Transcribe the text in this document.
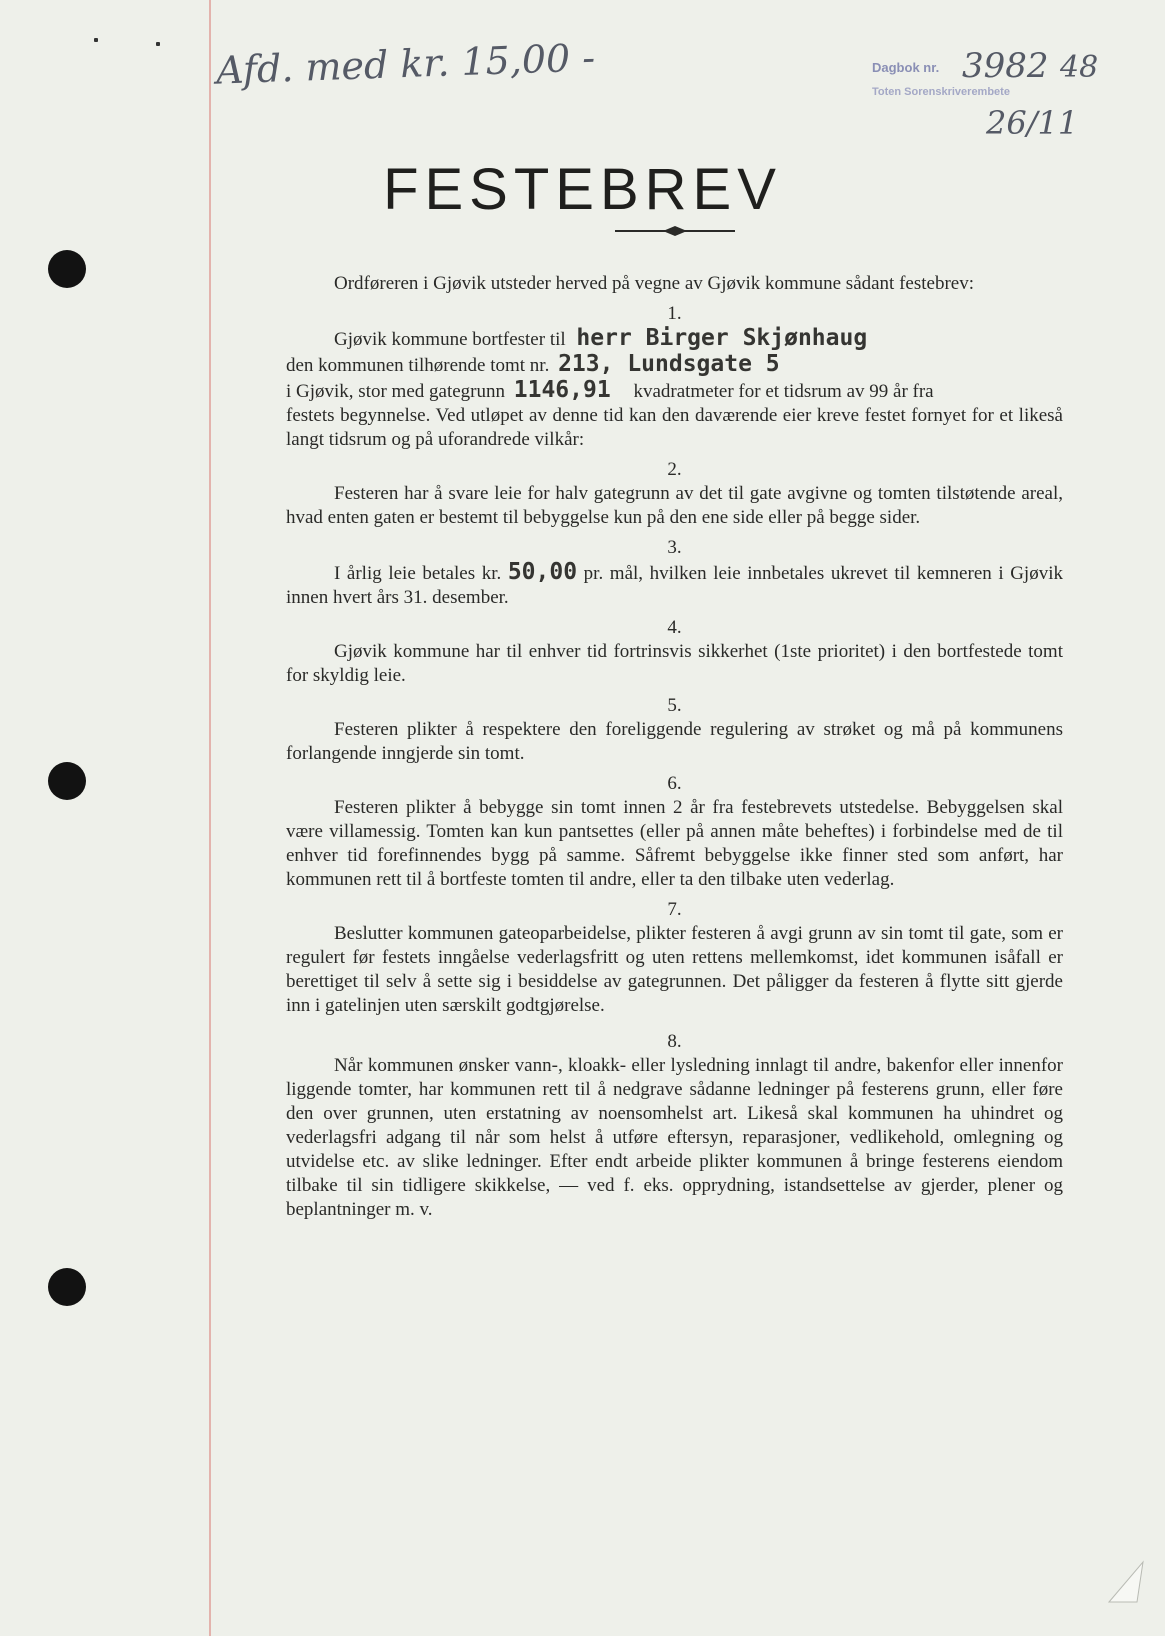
Afd. med kr. 15,00 -	Dagbok nr. 3982 48
Toten Sorenskriverembete
26/11
FESTEBREV

Ordføreren i Gjøvik utsteder herved på vegne av Gjøvik kommune sådant festebrev:

1.

Gjøvik kommune bortfester til herr Birger Skjønhaug
den kommunen tilhørende tomt nr. 213, Lundsgate 5
i Gjøvik, stor med gategrunn 1146,91 kvadratmeter for et tidsrum av 99 år fra

festets begynnelse. Ved utløpet av denne tid kan den daværende eier kreve festet fornyet for et likeså langt tidsrum og på uforandrede vilkår:

2.

Festeren har å svare leie for halv gategrunn av det til gate avgivne og tomten tilstøtende areal, hvad enten gaten er bestemt til bebyggelse kun på den ene side eller på begge sider.

3.

I årlig leie betales kr. 50,00 pr. mål, hvilken leie innbetales ukrevet til kemneren i Gjøvik innen hvert års 31. desember.

4.

Gjøvik kommune har til enhver tid fortrinsvis sikkerhet (1ste prioritet) i den bortfestede tomt for skyldig leie.

5.

Festeren plikter å respektere den foreliggende regulering av strøket og må på kommunens forlangende inngjerde sin tomt.

6.

Festeren plikter å bebygge sin tomt innen 2 år fra festebrevets utstedelse. Bebyggelsen skal være villamessig. Tomten kan kun pantsettes (eller på annen måte beheftes) i forbindelse med de til enhver tid forefinnendes bygg på samme. Såfremt bebyggelse ikke finner sted som anført, har kommunen rett til å bortfeste tomten til andre, eller ta den tilbake uten vederlag.

7.

Beslutter kommunen gateoparbeidelse, plikter festeren å avgi grunn av sin tomt til gate, som er regulert før festets inngåelse vederlagsfritt og uten rettens mellemkomst, idet kommunen isåfall er berettiget til selv å sette sig i besiddelse av gategrunnen. Det påligger da festeren å flytte sitt gjerde inn i gatelinjen uten særskilt godtgjørelse.

8.

Når kommunen ønsker vann-, kloakk- eller lysledning innlagt til andre, bakenfor eller innenfor liggende tomter, har kommunen rett til å nedgrave sådanne ledninger på festerens grunn, eller føre den over grunnen, uten erstatning av noensomhelst art. Likeså skal kommunen ha uhindret og vederlagsfri adgang til når som helst å utføre eftersyn, reparasjoner, vedlikehold, omlegning og utvidelse etc. av slike ledninger. Efter endt arbeide plikter kommunen å bringe festerens eiendom tilbake til sin tidligere skikkelse, — ved f. eks. opprydning, istandsettelse av gjerder, plener og beplantninger m. v.
